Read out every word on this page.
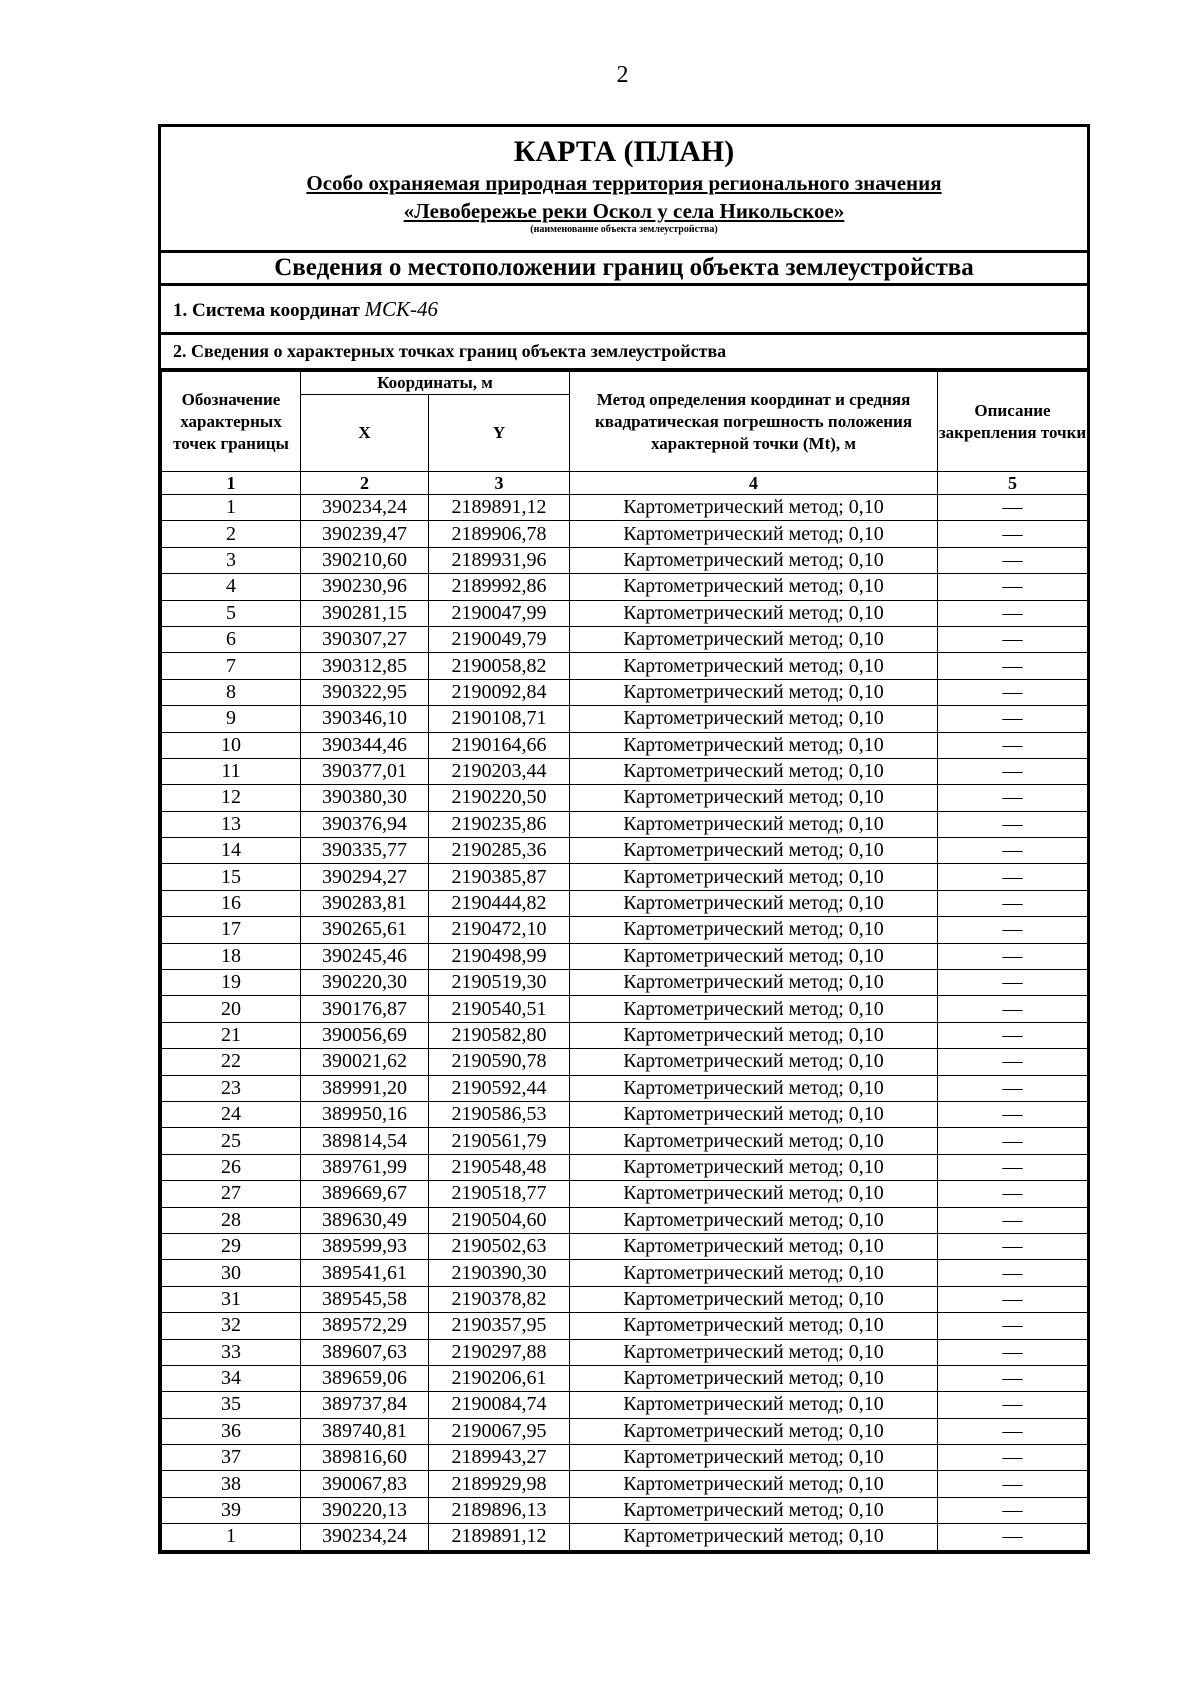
2
КАРТА (ПЛАН)
Особо охраняемая природная территория регионального значения
«Левобережье реки Оскол у села Никольское»
(наименование объекта землеустройства)
Сведения о местоположении границ объекта землеустройства
1. Система координат МСК-46
2. Сведения о характерных точках границ объекта землеустройства
Обозначение характерных точек границы	Координаты, м		Метод определения координат и средняя квадратическая погрешность положения характерной точки (Mt), м	Описание закрепления точки
	X	Y		
1	2	3	4	5
1	390234,24	2189891,12	Картометрический метод; 0,10	—
2	390239,47	2189906,78	Картометрический метод; 0,10	—
3	390210,60	2189931,96	Картометрический метод; 0,10	—
4	390230,96	2189992,86	Картометрический метод; 0,10	—
5	390281,15	2190047,99	Картометрический метод; 0,10	—
6	390307,27	2190049,79	Картометрический метод; 0,10	—
7	390312,85	2190058,82	Картометрический метод; 0,10	—
8	390322,95	2190092,84	Картометрический метод; 0,10	—
9	390346,10	2190108,71	Картометрический метод; 0,10	—
10	390344,46	2190164,66	Картометрический метод; 0,10	—
11	390377,01	2190203,44	Картометрический метод; 0,10	—
12	390380,30	2190220,50	Картометрический метод; 0,10	—
13	390376,94	2190235,86	Картометрический метод; 0,10	—
14	390335,77	2190285,36	Картометрический метод; 0,10	—
15	390294,27	2190385,87	Картометрический метод; 0,10	—
16	390283,81	2190444,82	Картометрический метод; 0,10	—
17	390265,61	2190472,10	Картометрический метод; 0,10	—
18	390245,46	2190498,99	Картометрический метод; 0,10	—
19	390220,30	2190519,30	Картометрический метод; 0,10	—
20	390176,87	2190540,51	Картометрический метод; 0,10	—
21	390056,69	2190582,80	Картометрический метод; 0,10	—
22	390021,62	2190590,78	Картометрический метод; 0,10	—
23	389991,20	2190592,44	Картометрический метод; 0,10	—
24	389950,16	2190586,53	Картометрический метод; 0,10	—
25	389814,54	2190561,79	Картометрический метод; 0,10	—
26	389761,99	2190548,48	Картометрический метод; 0,10	—
27	389669,67	2190518,77	Картометрический метод; 0,10	—
28	389630,49	2190504,60	Картометрический метод; 0,10	—
29	389599,93	2190502,63	Картометрический метод; 0,10	—
30	389541,61	2190390,30	Картометрический метод; 0,10	—
31	389545,58	2190378,82	Картометрический метод; 0,10	—
32	389572,29	2190357,95	Картометрический метод; 0,10	—
33	389607,63	2190297,88	Картометрический метод; 0,10	—
34	389659,06	2190206,61	Картометрический метод; 0,10	—
35	389737,84	2190084,74	Картометрический метод; 0,10	—
36	389740,81	2190067,95	Картометрический метод; 0,10	—
37	389816,60	2189943,27	Картометрический метод; 0,10	—
38	390067,83	2189929,98	Картометрический метод; 0,10	—
39	390220,13	2189896,13	Картометрический метод; 0,10	—
1	390234,24	2189891,12	Картометрический метод; 0,10	—
